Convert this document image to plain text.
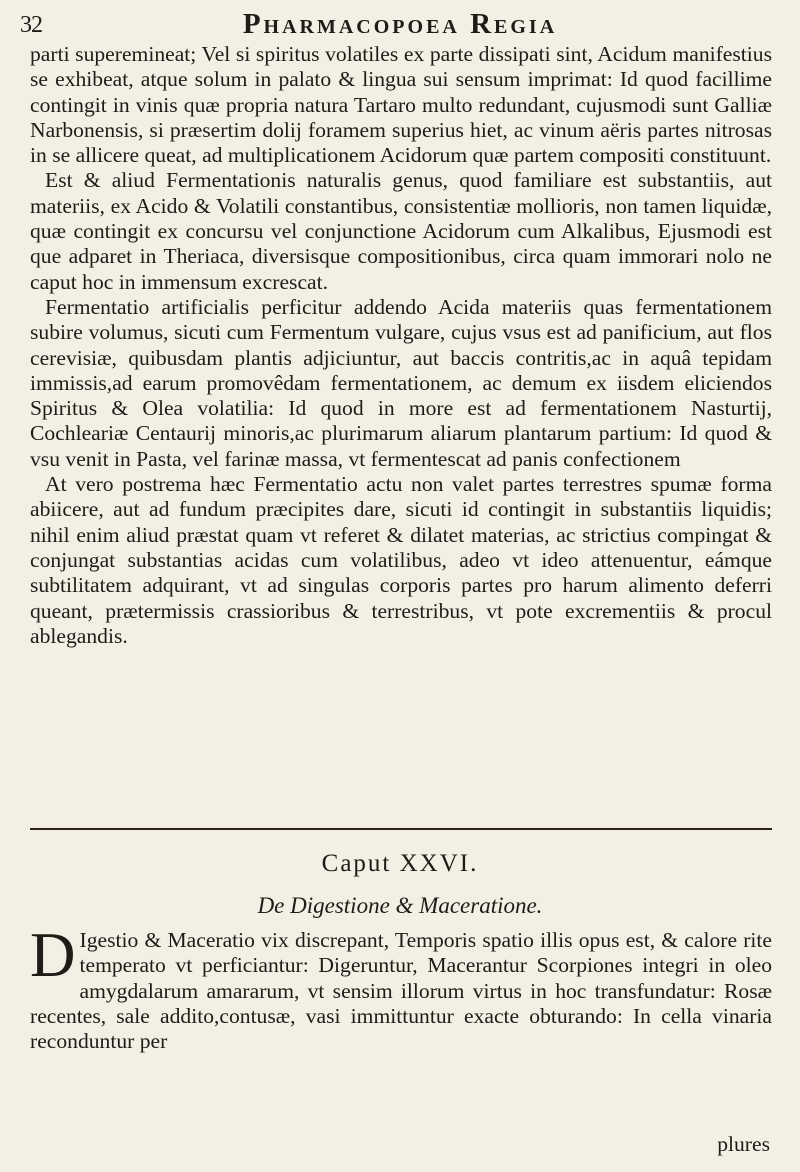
32	Pharmacopoea Regia

parti superemineat; Vel si spiritus volatiles ex parte dissipati sint, Acidum manifestius se exhibeat, atque solum in palato & lingua sui sensum imprimat: Id quod facillime contingit in vinis quæ propria natura Tartaro multo redundant, cujusmodi sunt Galliæ Narbonensis, si præsertim dolij foramem superius hiet, ac vinum aëris partes nitrosas in se allicere queat, ad multiplicationem Acidorum quæ partem compositi constituunt.

Est & aliud Fermentationis naturalis genus, quod familiare est substantiis, aut materiis, ex Acido & Volatili constantibus, consistentiæ mollioris, non tamen liquidæ, quæ contingit ex concursu vel conjunctione Acidorum cum Alkalibus, Ejusmodi est que adparet in Theriaca, diversisque compositionibus, circa quam immorari nolo ne caput hoc in immensum excrescat.

Fermentatio artificialis perficitur addendo Acida materiis quas fermentationem subire volumus, sicuti cum Fermentum vulgare, cujus vsus est ad panificium, aut flos cerevisiæ, quibusdam plantis adjiciuntur, aut baccis contritis,ac in aquâ tepidam immissis,ad earum promovêdam fermentationem, ac demum ex iisdem eliciendos Spiritus & Olea volatilia: Id quod in more est ad fermentationem Nasturtij, Cochleariæ Centaurij minoris,ac plurimarum aliarum plantarum partium: Id quod & vsu venit in Pasta, vel farinæ massa, vt fermentescat ad panis confectionem

At vero postrema hæc Fermentatio actu non valet partes terrestres spumæ forma abiicere, aut ad fundum præcipites dare, sicuti id contingit in substantiis liquidis; nihil enim aliud præstat quam vt referet & dilatet materias, ac strictius compingat & conjungat substantias acidas cum volatilibus, adeo vt ideo attenuentur, eámque subtilitatem adquirant, vt ad singulas corporis partes pro harum alimento deferri queant, prætermissis crassioribus & terrestribus, vt pote excrementiis & procul ablegandis.

Caput XXVI.
De Digestione & Maceratione.
D Igestio & Maceratio vix discrepant, Temporis spatio illis opus est, & calore rite temperato vt perficiantur: Digeruntur, Macerantur Scorpiones integri in oleo amygdalarum amararum, vt sensim illorum virtus in hoc transfundatur: Rosæ recentes, sale addito,contusæ, vasi immittuntur exacte obturando: In cella vinaria reconduntur per
plures
